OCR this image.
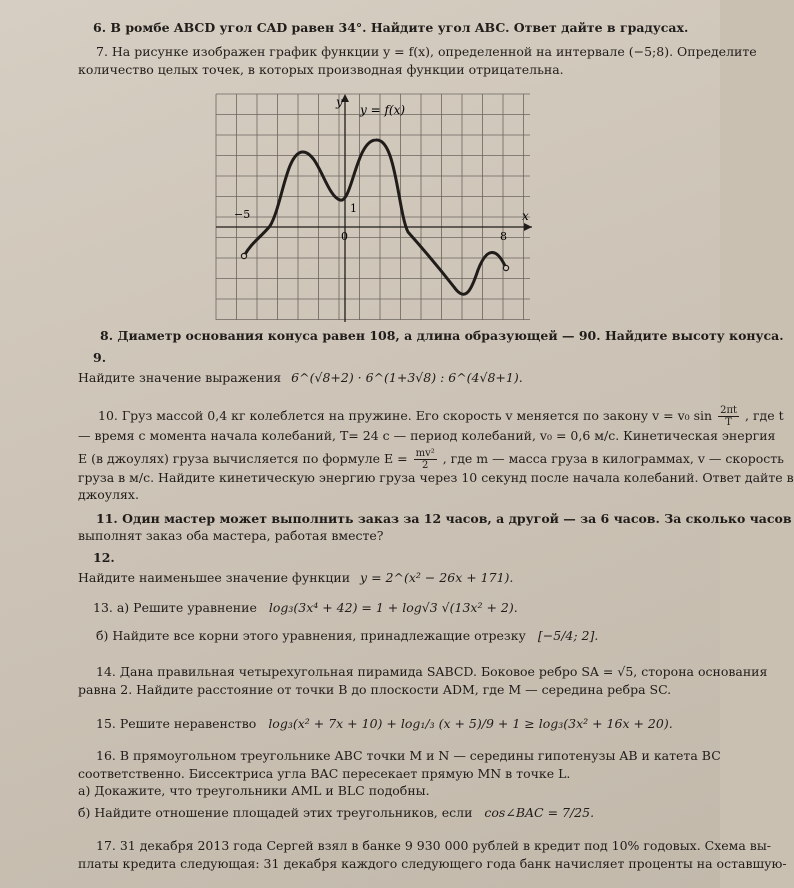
6. В ромбе ABCD угол CAD равен 34°. Найдите угол ABC. Ответ дайте в градусах.
7. На рисунке изображен график функции y = f(x), определенной на интервале (−5;8). Определите
количество целых точек, в которых производная функции отрицательна.
y
y = f(x)
x
−5
0
1
8
8. Диаметр основания конуса равен 108, а длина образующей — 90. Найдите высоту конуса.
9.
Найдите значение выражения 6^(√8+2) · 6^(1+3√8) : 6^(4√8+1).
10. Груз массой 0,4 кг колеблется на пружине. Его скорость v меняется по закону v = v₀ $\sin \frac{2\pi t}{T}$ , где t
— время с момента начала колебаний, T= 24 с — период колебаний, v₀ = 0,6 м/с. Кинетическая энергия
E (в джоулях) груза вычисляется по формуле $E = \frac{\text{mv²}}{2}$ , где m — масса груза в килограммах, v — скорость
груза в м/с. Найдите кинетическую энергию груза через 10 секунд после начала колебаний. Ответ дайте в
джоулях.
11. Один мастер может выполнить заказ за 12 часов, а другой — за 6 часов. За сколько часов
выполнят заказ оба мастера, работая вместе?
12.
Найдите наименьшее значение функции y = 2^(x² − 26x + 171).
13. а) Решите уравнение log₃(3x⁴ + 42) = 1 + log√3 √(13x² + 2).
б) Найдите все корни этого уравнения, принадлежащие отрезку [−5/4; 2].
14. Дана правильная четырехугольная пирамида SABCD. Боковое ребро SA = √5, сторона основания
равна 2. Найдите расстояние от точки B до плоскости ADM, где M — середина ребра SC.
15. Решите неравенство log₃(x² + 7x + 10) + log₁/₃ (x + 5)/9 + 1 ≥ log₃(3x² + 16x + 20).
16. В прямоугольном треугольнике ABC точки M и N — середины гипотенузы AB и катета BC
соответственно. Биссектриса угла BAC пересекает прямую MN в точке L.
а) Докажите, что треугольники AML и BLC подобны.
б) Найдите отношение площадей этих треугольников, если cos∠BAC = 7/25.
17. 31 декабря 2013 года Сергей взял в банке 9 930 000 рублей в кредит под 10% годовых. Схема вы-
платы кредита следующая: 31 декабря каждого следующего года банк начисляет проценты на оставшую-
